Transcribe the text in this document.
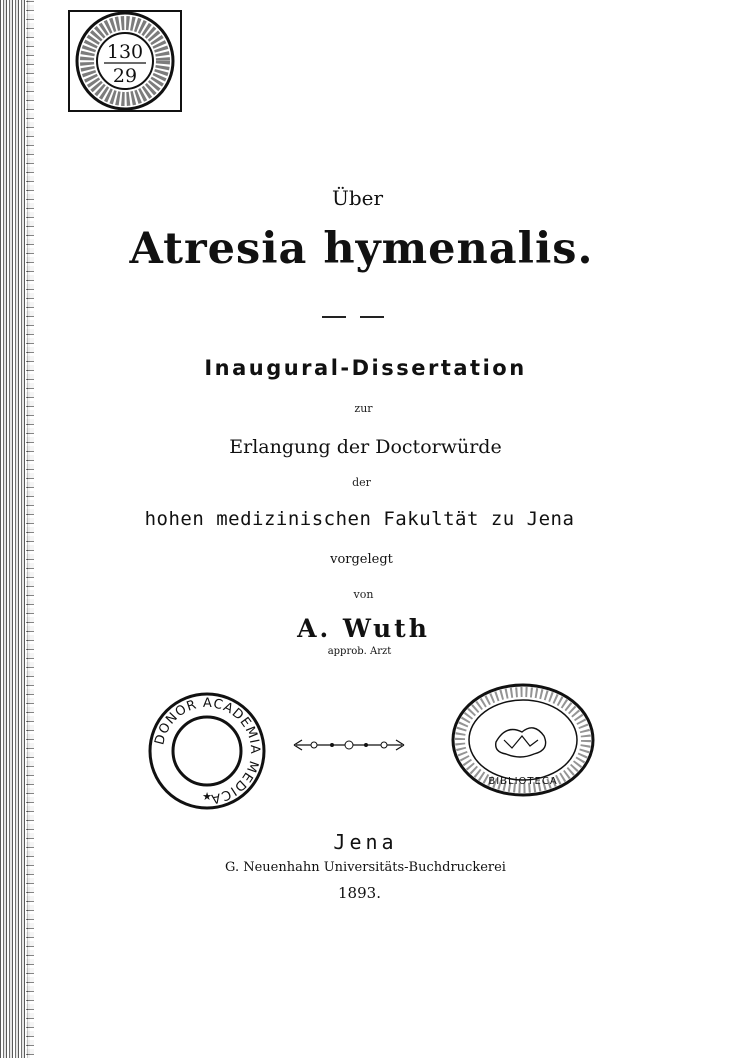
130
29
Über
Atresia hymenalis.
Inaugural-Dissertation
zur
Erlangung der Doctorwürde
der
hohen medizinischen Fakultät zu Jena
vorgelegt
von
A. Wuth
approb. Arzt
DONOR ACADEMIA MEDICA
★
BIBLIOTECA
Jena
G. Neuenhahn Universitäts-Buchdruckerei
1893.
